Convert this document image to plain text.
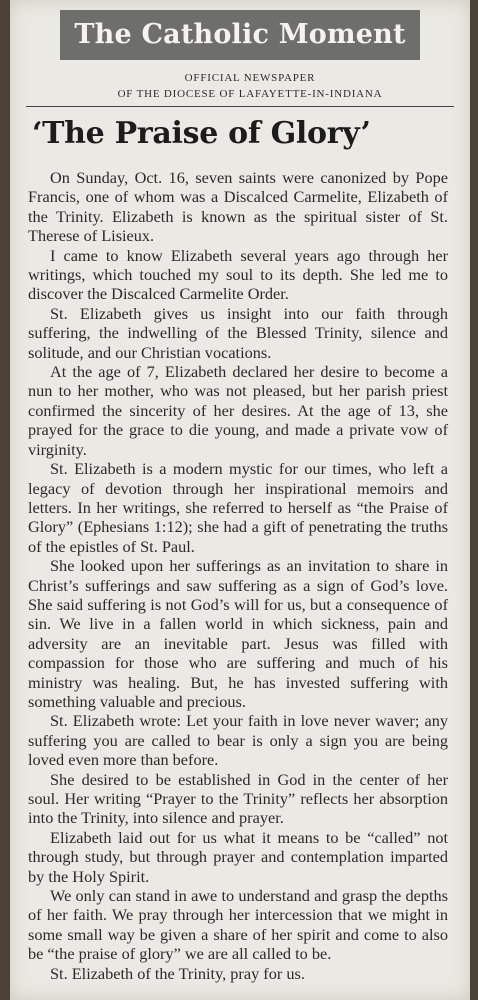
The Catholic Moment
OFFICIAL NEWSPAPER
OF THE DIOCESE OF LAFAYETTE-IN-INDIANA
‘The Praise of Glory’

On Sunday, Oct. 16, seven saints were canonized by Pope Francis, one of whom was a Discalced Carmelite, Elizabeth of the Trinity. Elizabeth is known as the spiritual sister of St. Therese of Lisieux.

I came to know Elizabeth several years ago through her writings, which touched my soul to its depth. She led me to discover the Discalced Carmelite Order.

St. Elizabeth gives us insight into our faith through suffering, the indwelling of the Blessed Trinity, silence and solitude, and our Christian vocations.

At the age of 7, Elizabeth declared her desire to become a nun to her mother, who was not pleased, but her parish priest confirmed the sincerity of her desires. At the age of 13, she prayed for the grace to die young, and made a private vow of virginity.

St. Elizabeth is a modern mystic for our times, who left a legacy of devotion through her inspirational memoirs and letters. In her writings, she referred to herself as “the Praise of Glory” (Ephesians 1:12); she had a gift of penetrating the truths of the epistles of St. Paul.

She looked upon her sufferings as an invitation to share in Christ’s sufferings and saw suffering as a sign of God’s love. She said suffering is not God’s will for us, but a consequence of sin. We live in a fallen world in which sickness, pain and adversity are an inevitable part. Jesus was filled with compassion for those who are suffering and much of his ministry was healing. But, he has invested suffering with something valuable and precious.

St. Elizabeth wrote: Let your faith in love never waver; any suffering you are called to bear is only a sign you are being loved even more than before.

She desired to be established in God in the center of her soul. Her writing “Prayer to the Trinity” reflects her absorption into the Trinity, into silence and prayer.

Elizabeth laid out for us what it means to be “called” not through study, but through prayer and contemplation imparted by the Holy Spirit.

We only can stand in awe to understand and grasp the depths of her faith. We pray through her intercession that we might in some small way be given a share of her spirit and come to also be “the praise of glory” we are all called to be.

St. Elizabeth of the Trinity, pray for us.
